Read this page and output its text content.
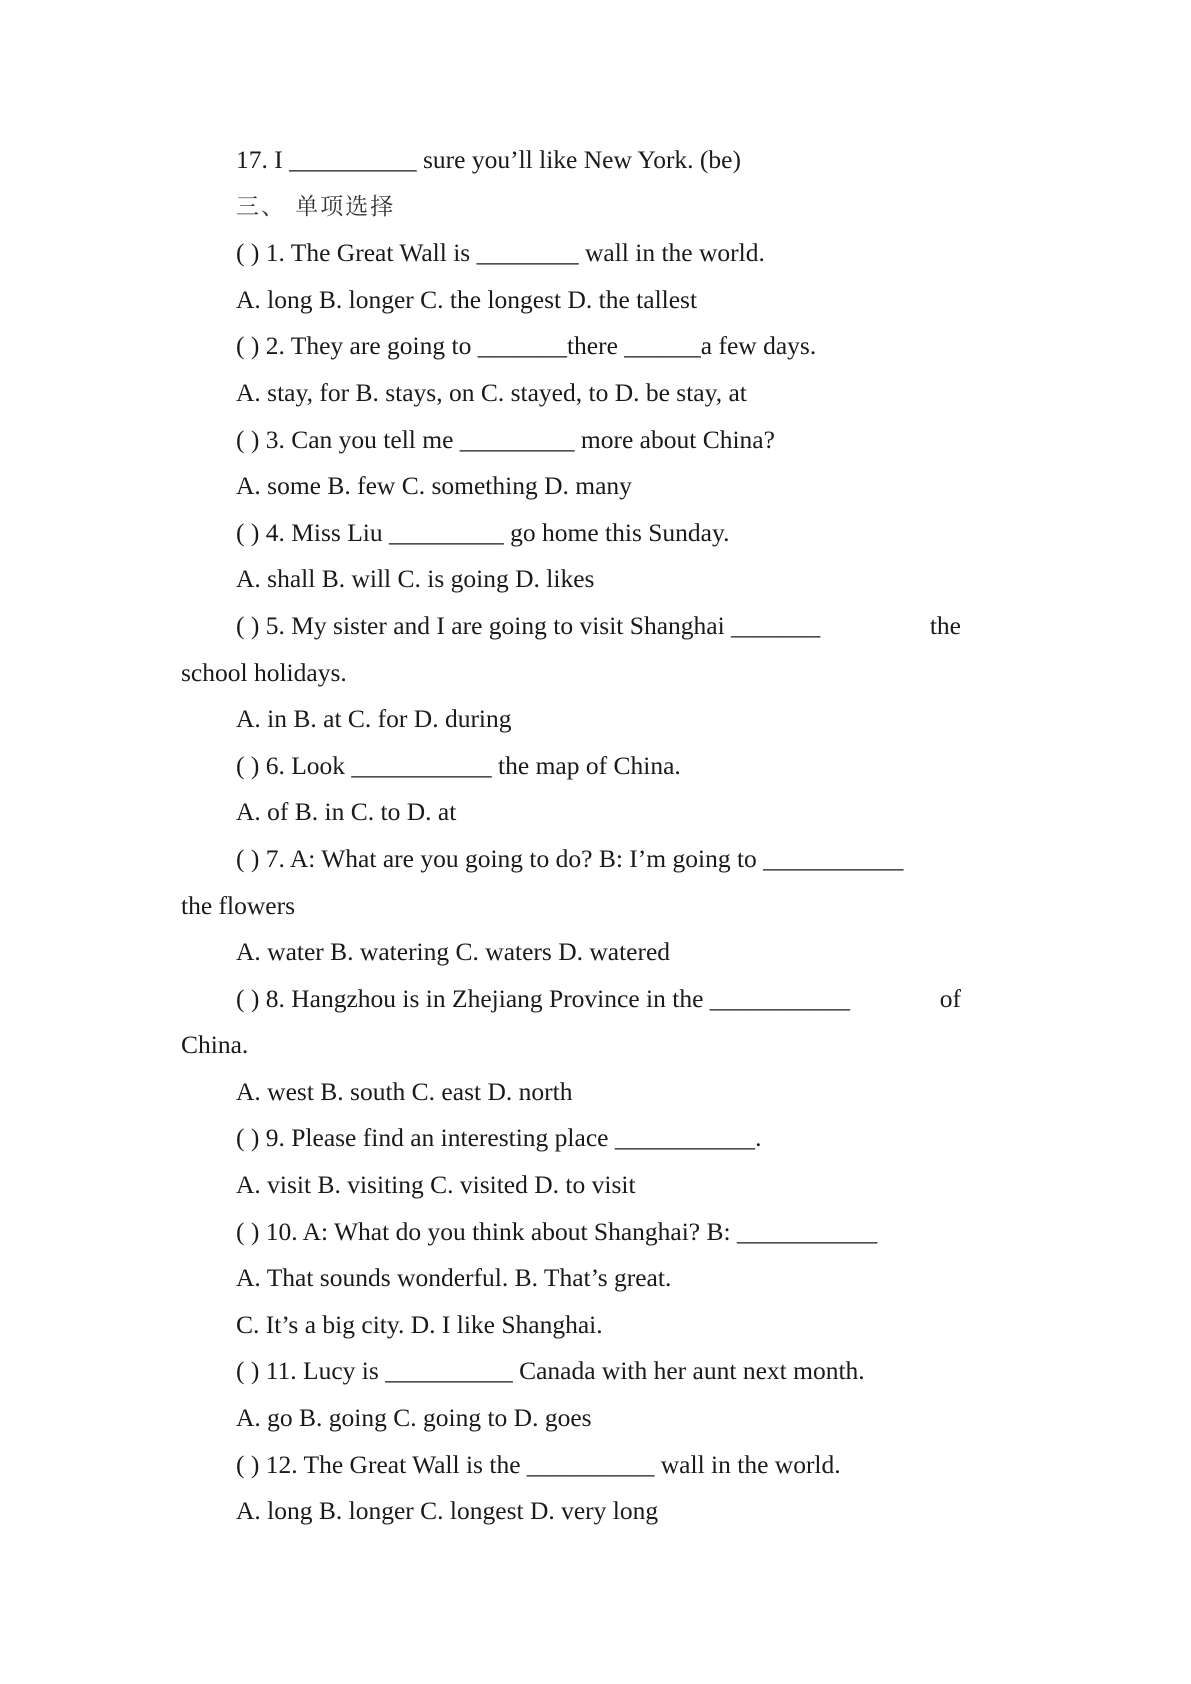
17. I __________ sure you’ll like New York. (be)
三、 单项选择
( ) 1. The Great Wall is ________ wall in the world.
A. long B. longer C. the longest D. the tallest
( ) 2. They are going to _______there ______a few days.
A. stay, for B. stays, on C. stayed, to D. be stay, at
( ) 3. Can you tell me _________ more about China?
A. some B. few C. something D. many
( ) 4. Miss Liu _________ go home this Sunday.
A. shall B. will C. is going D. likes
( ) 5. My sister and I are going to visit Shanghai _______	the
school holidays.
A. in B. at C. for D. during
( ) 6. Look ___________ the map of China.
A. of B. in C. to D. at
( ) 7. A: What are you going to do? B: I’m going to ___________
the flowers
A. water B. watering C. waters D. watered
( ) 8. Hangzhou is in Zhejiang Province in the ___________	of
China.
A. west B. south C. east D. north
( ) 9. Please find an interesting place ___________.
A. visit B. visiting C. visited D. to visit
( ) 10. A: What do you think about Shanghai? B: ___________
A. That sounds wonderful. B. That’s great.
C. It’s a big city. D. I like Shanghai.
( ) 11. Lucy is __________ Canada with her aunt next month.
A. go B. going C. going to D. goes
( ) 12. The Great Wall is the __________ wall in the world.
A. long B. longer C. longest D. very long
